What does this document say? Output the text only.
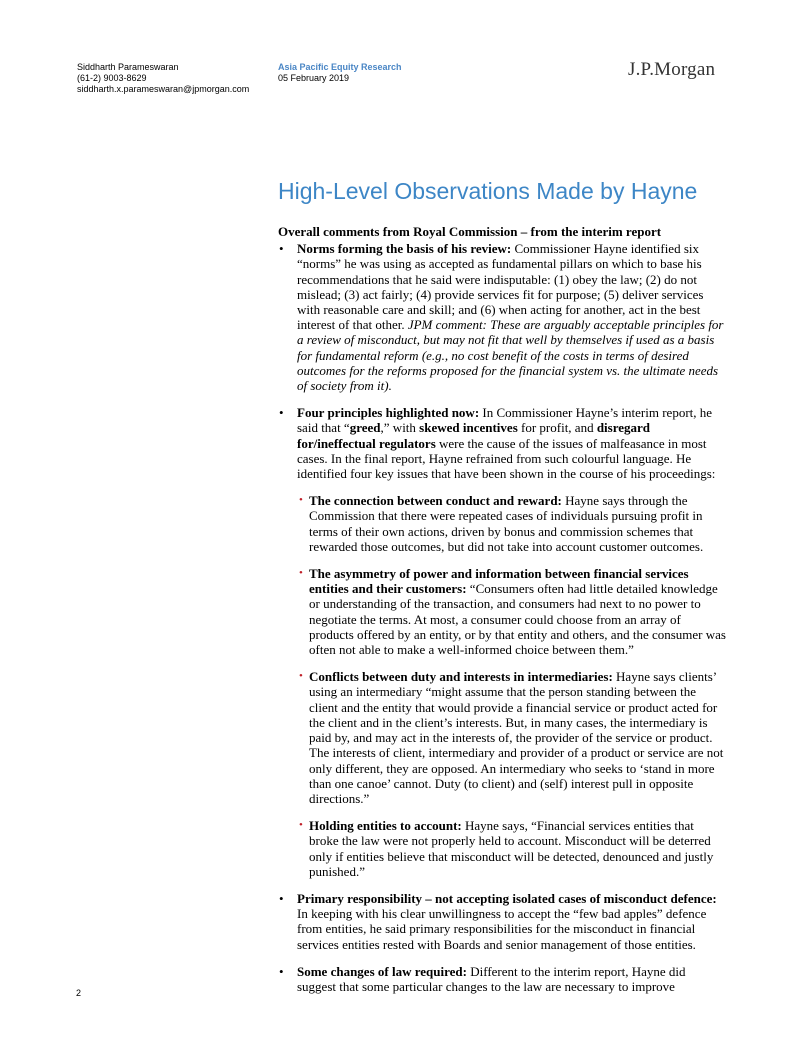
Siddharth Parameswaran
(61-2) 9003-8629
siddharth.x.parameswaran@jpmorgan.com
Asia Pacific Equity Research
05 February 2019	J.P.Morgan
High-Level Observations Made by Hayne

Overall comments from Royal Commission – from the interim report

• Norms forming the basis of his review: Commissioner Hayne identified six “norms” he was using as accepted as fundamental pillars on which to base his recommendations that he said were indisputable: (1) obey the law; (2) do not mislead; (3) act fairly; (4) provide services fit for purpose; (5) deliver services with reasonable care and skill; and (6) when acting for another, act in the best interest of that other. JPM comment: These are arguably acceptable principles for a review of misconduct, but may not fit that well by themselves if used as a basis for fundamental reform (e.g., no cost benefit of the costs in terms of desired outcomes for the reforms proposed for the financial system vs. the ultimate needs of society from it).
• Four principles highlighted now: In Commissioner Hayne’s interim report, he said that “greed,” with skewed incentives for profit, and disregard for/ineffectual regulators were the cause of the issues of malfeasance in most cases. In the final report, Hayne refrained from such colourful language. He identified four key issues that have been shown in the course of his proceedings:
• The connection between conduct and reward: Hayne says through the Commission that there were repeated cases of individuals pursuing profit in terms of their own actions, driven by bonus and commission schemes that rewarded those outcomes, but did not take into account customer outcomes.
• The asymmetry of power and information between financial services entities and their customers: “Consumers often had little detailed knowledge or understanding of the transaction, and consumers had next to no power to negotiate the terms. At most, a consumer could choose from an array of products offered by an entity, or by that entity and others, and the consumer was often not able to make a well-informed choice between them.”
• Conflicts between duty and interests in intermediaries: Hayne says clients’ using an intermediary “might assume that the person standing between the client and the entity that would provide a financial service or product acted for the client and in the client’s interests. But, in many cases, the intermediary is paid by, and may act in the interests of, the provider of the service or product. The interests of client, intermediary and provider of a product or service are not only different, they are opposed. An intermediary who seeks to ‘stand in more than one canoe’ cannot. Duty (to client) and (self) interest pull in opposite directions.”
• Holding entities to account: Hayne says, “Financial services entities that broke the law were not properly held to account. Misconduct will be deterred only if entities believe that misconduct will be detected, denounced and justly punished.”
• Primary responsibility – not accepting isolated cases of misconduct defence: In keeping with his clear unwillingness to accept the “few bad apples” defence from entities, he said primary responsibilities for the misconduct in financial services entities rested with Boards and senior management of those entities.
• Some changes of law required: Different to the interim report, Hayne did suggest that some particular changes to the law are necessary to improve
2
